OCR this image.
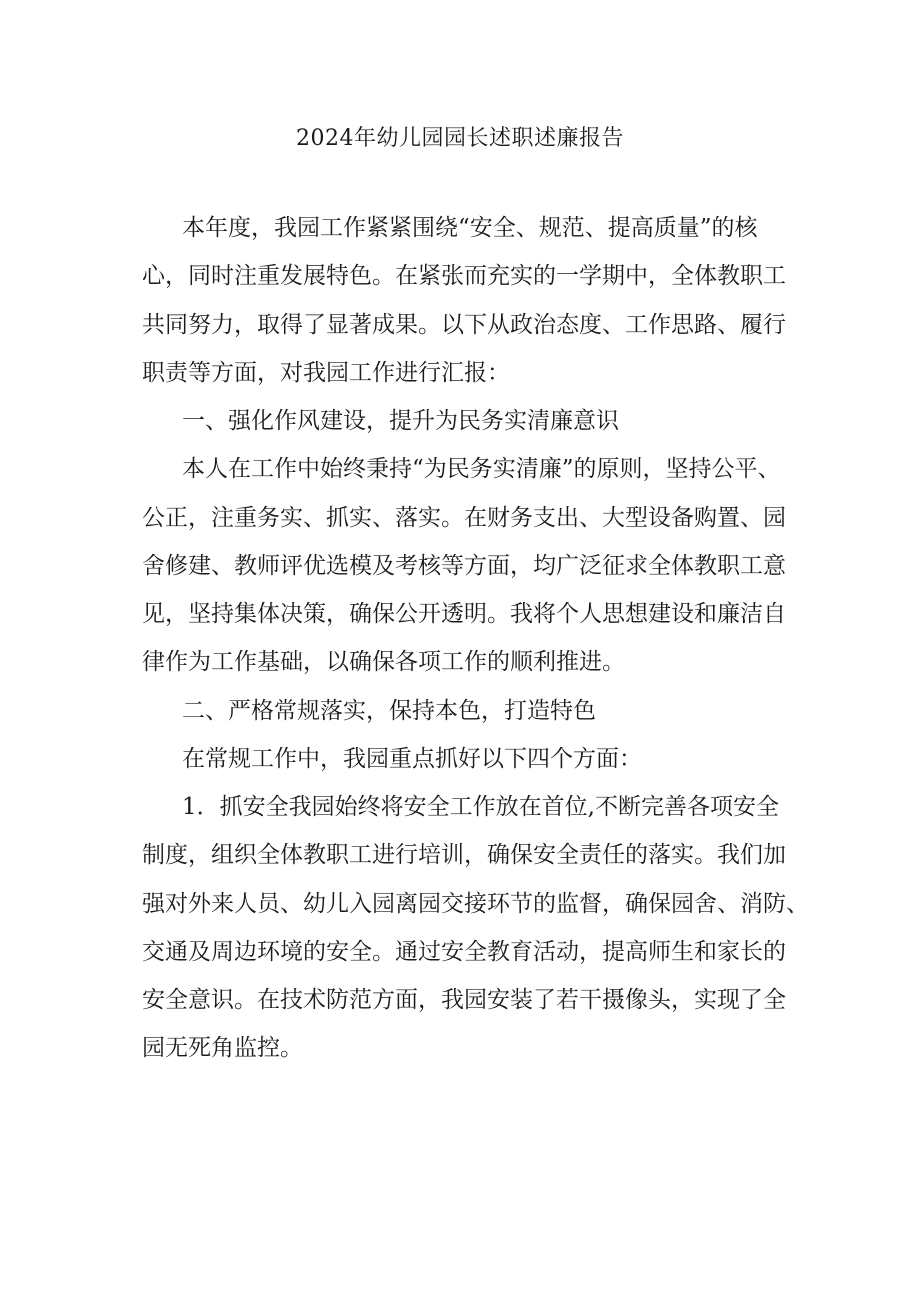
2024年幼儿园园长述职述廉报告
本年度，我园工作紧紧围绕“安全、规范、提高质量”的核
心，同时注重发展特色。在紧张而充实的一学期中，全体教职工
共同努力，取得了显著成果。以下从政治态度、工作思路、履行
职责等方面，对我园工作进行汇报：
一、强化作风建设，提升为民务实清廉意识
本人在工作中始终秉持“为民务实清廉”的原则，坚持公平、
公正，注重务实、抓实、落实。在财务支出、大型设备购置、园
舍修建、教师评优选模及考核等方面，均广泛征求全体教职工意
见，坚持集体决策，确保公开透明。我将个人思想建设和廉洁自
律作为工作基础，以确保各项工作的顺利推进。
二、严格常规落实，保持本色，打造特色
在常规工作中，我园重点抓好以下四个方面：
1．抓安全我园始终将安全工作放在首位,不断完善各项安全
制度，组织全体教职工进行培训，确保安全责任的落实。我们加
强对外来人员、幼儿入园离园交接环节的监督，确保园舍、消防、
交通及周边环境的安全。通过安全教育活动，提高师生和家长的
安全意识。在技术防范方面，我园安装了若干摄像头，实现了全
园无死角监控。
